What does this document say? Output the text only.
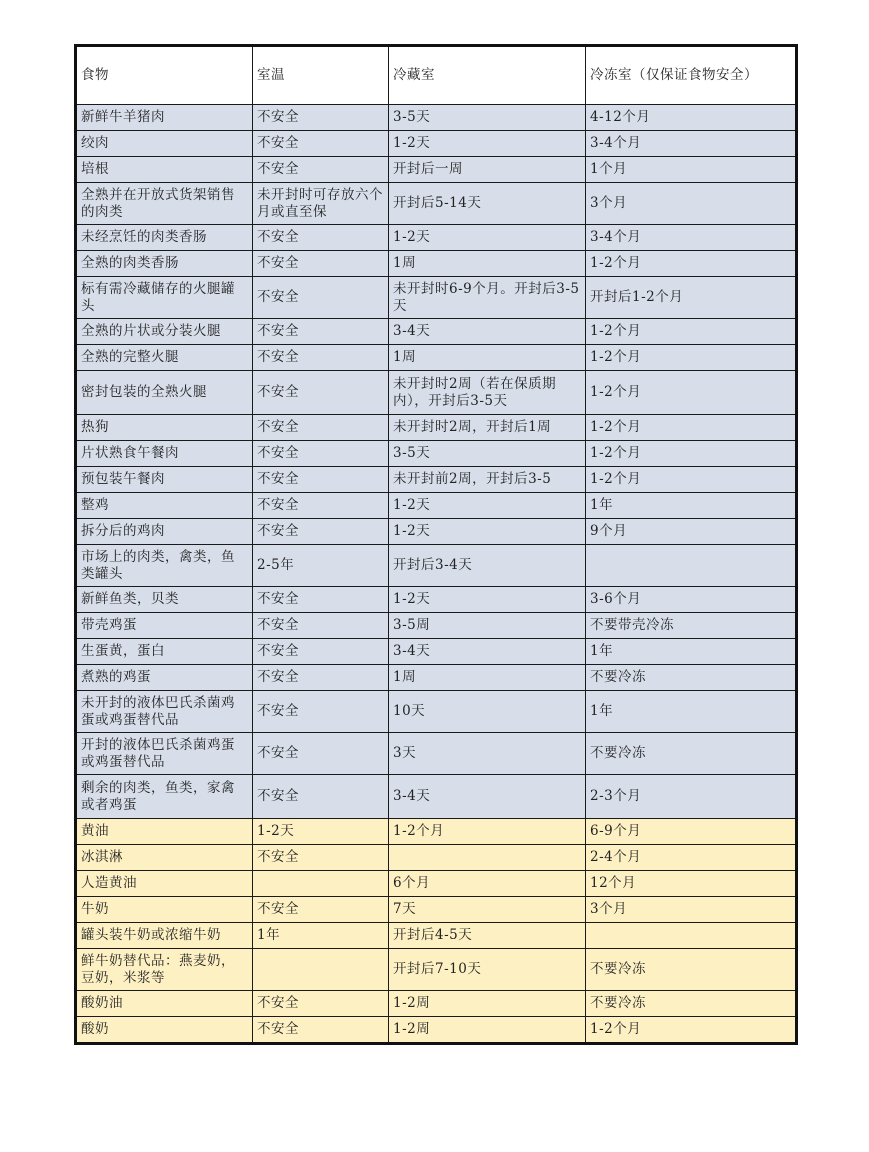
食物	室温	冷藏室	冷冻室（仅保证食物安全）
新鲜牛羊猪肉	不安全	3-5天	4-12个月
绞肉	不安全	1-2天	3-4个月
培根	不安全	开封后一周	1个月
全熟并在开放式货架销售的肉类	未开封时可存放六个月或直至保	开封后5-14天	3个月
未经烹饪的肉类香肠	不安全	1-2天	3-4个月
全熟的肉类香肠	不安全	1周	1-2个月
标有需冷藏储存的火腿罐头	不安全	未开封时6-9个月。开封后3-5天	开封后1-2个月
全熟的片状或分装火腿	不安全	3-4天	1-2个月
全熟的完整火腿	不安全	1周	1-2个月
密封包装的全熟火腿	不安全	未开封时2周（若在保质期内），开封后3-5天	1-2个月
热狗	不安全	未开封时2周，开封后1周	1-2个月
片状熟食午餐肉	不安全	3-5天	1-2个月
预包装午餐肉	不安全	未开封前2周，开封后3-5	1-2个月
整鸡	不安全	1-2天	1年
拆分后的鸡肉	不安全	1-2天	9个月
市场上的肉类，禽类，鱼类罐头	2-5年	开封后3-4天	
新鲜鱼类，贝类	不安全	1-2天	3-6个月
带壳鸡蛋	不安全	3-5周	不要带壳冷冻
生蛋黄，蛋白	不安全	3-4天	1年
煮熟的鸡蛋	不安全	1周	不要冷冻
未开封的液体巴氏杀菌鸡蛋或鸡蛋替代品	不安全	10天	1年
开封的液体巴氏杀菌鸡蛋或鸡蛋替代品	不安全	3天	不要冷冻
剩余的肉类，鱼类，家禽或者鸡蛋	不安全	3-4天	2-3个月
黄油	1-2天	1-2个月	6-9个月
冰淇淋	不安全		2-4个月
人造黄油		6个月	12个月
牛奶	不安全	7天	3个月
罐头装牛奶或浓缩牛奶	1年	开封后4-5天	
鲜牛奶替代品：燕麦奶，豆奶，米浆等		开封后7-10天	不要冷冻
酸奶油	不安全	1-2周	不要冷冻
酸奶	不安全	1-2周	1-2个月
